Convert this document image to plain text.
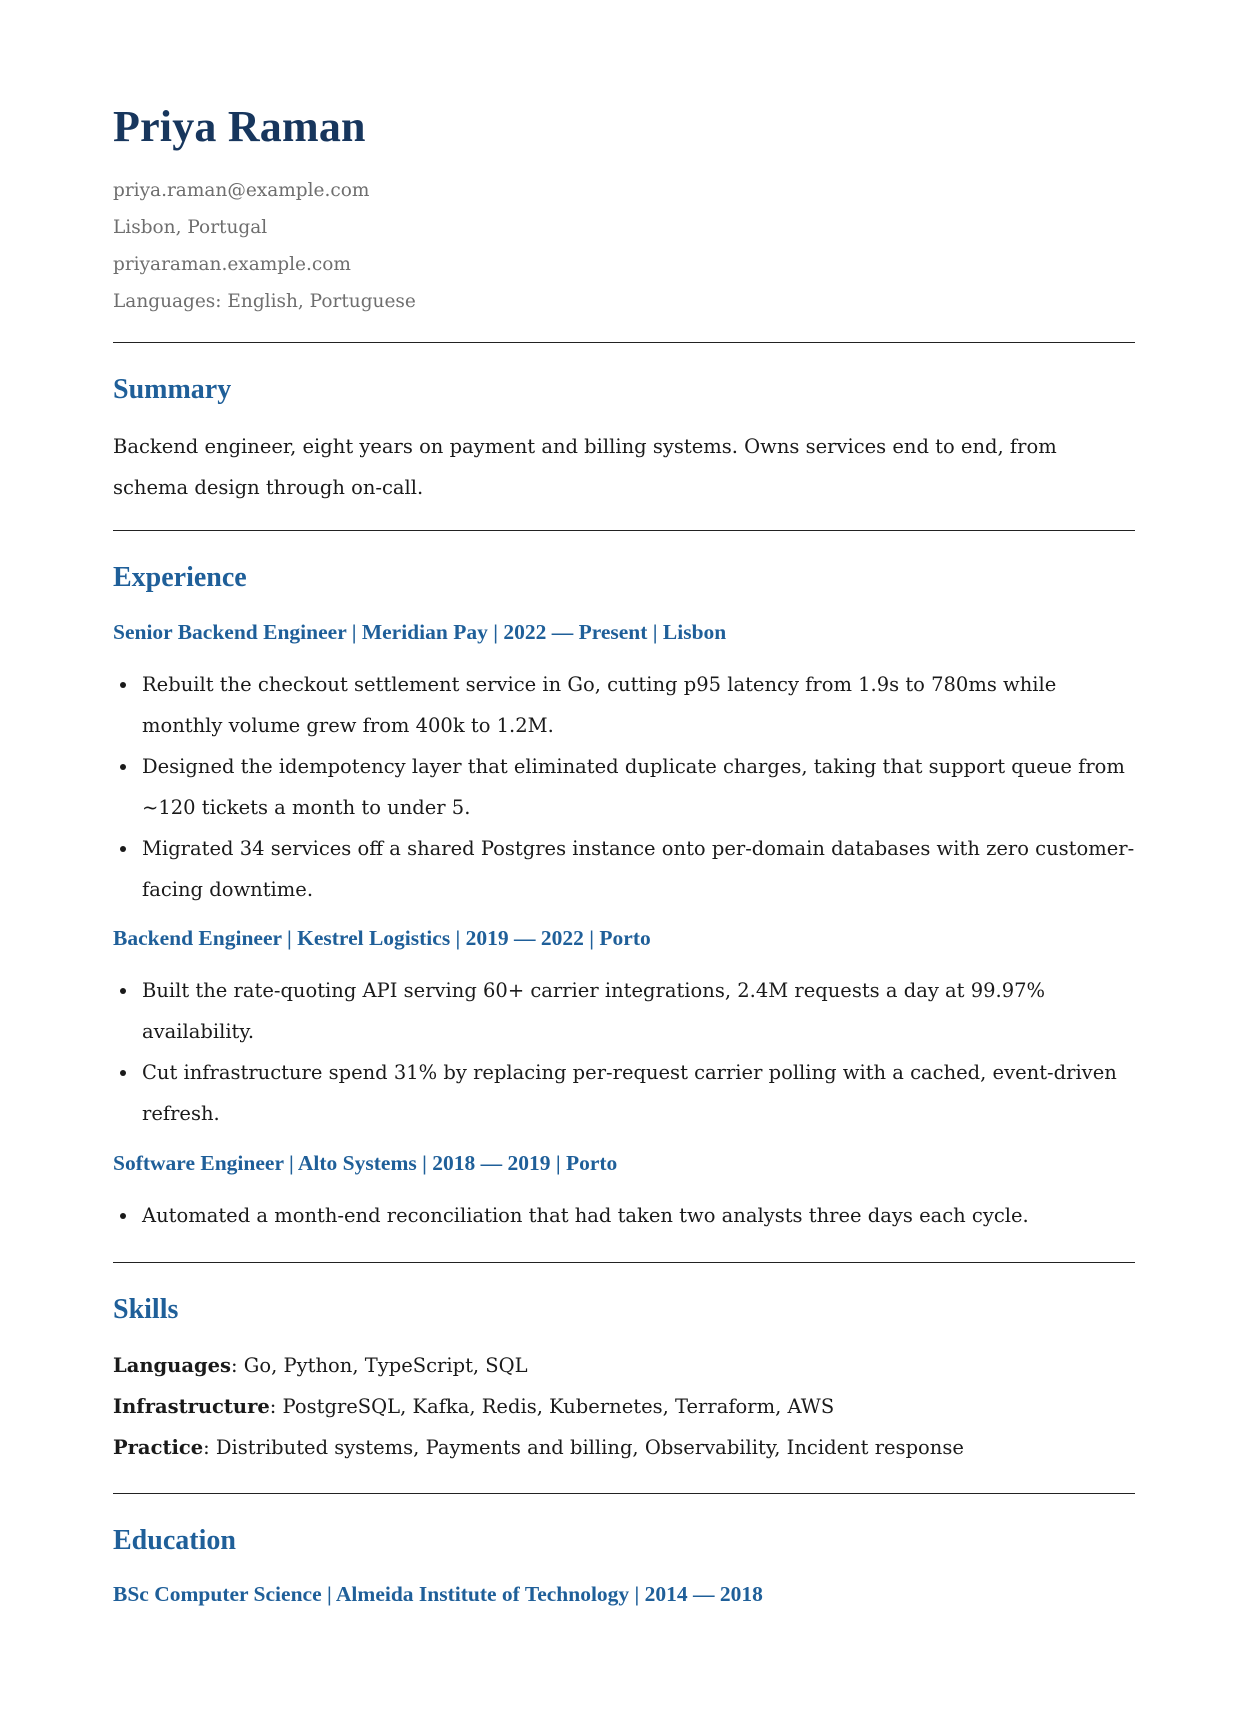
Priya Raman
priya.raman@example.com
Lisbon, Portugal
priyaraman.example.com
Languages: English, Portuguese
Summary
Backend engineer, eight years on payment and billing systems. Owns services end to end, from schema design through on-call.
Experience
Senior Backend Engineer | Meridian Pay | 2022 — Present | Lisbon
Rebuilt the checkout settlement service in Go, cutting p95 latency from 1.9s to 780ms while monthly volume grew from 400k to 1.2M.
Designed the idempotency layer that eliminated duplicate charges, taking that support queue from ~120 tickets a month to under 5.
Migrated 34 services off a shared Postgres instance onto per-domain databases with zero customer-facing downtime.
Backend Engineer | Kestrel Logistics | 2019 — 2022 | Porto
Built the rate-quoting API serving 60+ carrier integrations, 2.4M requests a day at 99.97% availability.
Cut infrastructure spend 31% by replacing per-request carrier polling with a cached, event-driven refresh.
Software Engineer | Alto Systems | 2018 — 2019 | Porto
Automated a month-end reconciliation that had taken two analysts three days each cycle.
Skills
Languages: Go, Python, TypeScript, SQL
Infrastructure: PostgreSQL, Kafka, Redis, Kubernetes, Terraform, AWS
Practice: Distributed systems, Payments and billing, Observability, Incident response
Education
BSc Computer Science | Almeida Institute of Technology | 2014 — 2018
